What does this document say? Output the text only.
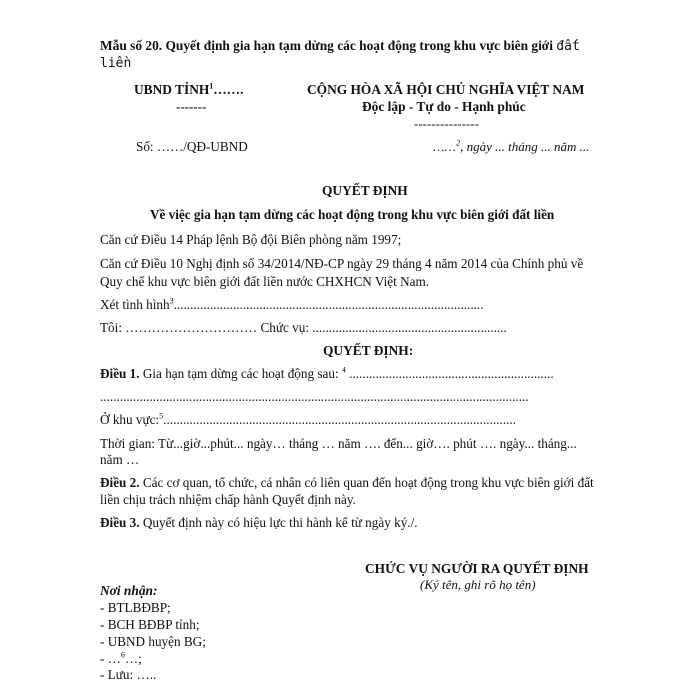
Mẫu số 20. Quyết định gia hạn tạm dừng các hoạt động trong khu vực biên giới đất
liền
UBND TỈNH$^1$…….
-------
CỘNG HÒA XÃ HỘI CHỦ NGHĨA VIỆT NAM
Độc lập - Tự do - Hạnh phúc
---------------
Số: ……/QĐ-UBND	……$^2$, ngày ... tháng ... năm ...
QUYẾT ĐỊNH
Về việc gia hạn tạm dừng các hoạt động trong khu vực biên giới đất liền
Căn cứ Điều 14 Pháp lệnh Bộ đội Biên phòng năm 1997;
Căn cứ Điều 10 Nghị định số 34/2014/NĐ-CP ngày 29 tháng 4 năm 2014 của Chính phủ về
Quy chế khu vực biên giới đất liền nước CHXHCN Việt Nam.
Xét tình hình$^3$..............................................................................................
Tôi: ………………………… Chức vụ: ...........................................................
QUYẾT ĐỊNH:
Điều 1. Gia hạn tạm dừng các hoạt động sau: $^4$ ..............................................................
..................................................................................................................................
Ở khu vực:$^5$...........................................................................................................
Thời gian: Từ...giờ...phút... ngày… tháng … năm …. đến... giờ…. phút …. ngày... tháng...
năm …
Điều 2. Các cơ quan, tổ chức, cá nhân có liên quan đến hoạt động trong khu vực biên giới đất
liền chịu trách nhiệm chấp hành Quyết định này.
Điều 3. Quyết định này có hiệu lực thi hành kể từ ngày ký./.
CHỨC VỤ NGƯỜI RA QUYẾT ĐỊNH
(Ký tên, ghi rõ họ tên)
Nơi nhận:
- BTLBĐBP;
- BCH BĐBP tỉnh;
- UBND huyện BG;
- …$^6$…;
- Lưu: …..
